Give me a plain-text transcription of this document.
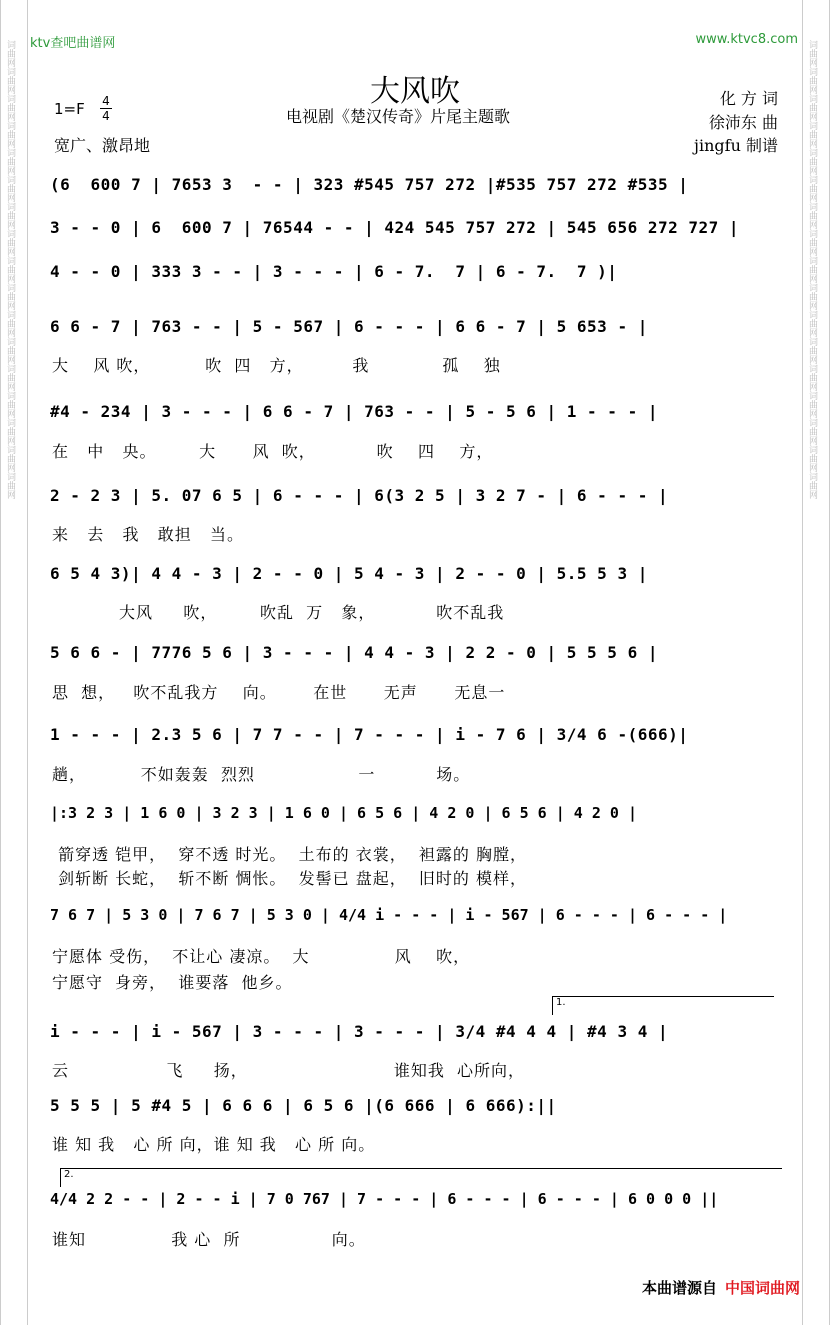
词曲网词曲网词曲网词曲网词曲网词曲网词曲网词曲网词曲网词曲网词曲网词曲网词曲网词曲网词曲网词曲网词曲网	词曲网词曲网词曲网词曲网词曲网词曲网词曲网词曲网词曲网词曲网词曲网词曲网词曲网词曲网词曲网词曲网词曲网
ktv查吧曲谱网	www.ktvc8.com
大风吹
电视剧《楚汉传奇》片尾主题歌
1=F 4
4
宽广、激昂地
化 方 词
徐沛东 曲
jingfu 制谱
(6  600 7 | 7653 3  - - | 323 #545 757 272 |#535 757 272 #535 |
3 - - 0 | 6  600 7 | 76544 - - | 424 545 757 272 | 545 656 272 727 |
4 - - 0 | 333 3 - - | 3 - - - | 6 - 7.  7 | 6 - 7.  7 )|
6 6 - 7 | 763 - - | 5 - 567 | 6 - - - | 6 6 - 7 | 5 653 - |
大    风 吹，         吹  四   方，        我            孤    独
#4 - 234 | 3 - - - | 6 6 - 7 | 763 - - | 5 - 5 6 | 1 - - - |
在   中   央。       大      风  吹，          吹    四    方，
2 - 2 3 | 5. 07 6 5 | 6 - - - | 6(3 2 5 | 3 2 7 - | 6 - - - |
来   去   我   敢担   当。
6 5 4 3)| 4 4 - 3 | 2 - - 0 | 5 4 - 3 | 2 - - 0 | 5.5 5 3 |
大风     吹，       吹乱  万   象，          吹不乱我
5 6 6 - | 7776 5 6 | 3 - - - | 4 4 - 3 | 2 2 - 0 | 5 5 5 6 |
思  想，   吹不乱我方    向。      在世      无声      无息一
1 - - - | 2.3 5 6 | 7 7 - - | 7 - - - | i - 7 6 | 3/4 6 -(666)|
趟，         不如轰轰  烈烈                 一          场。
|:3 2 3 | 1 6 0 | 3 2 3 | 1 6 0 | 6 5 6 | 4 2 0 | 6 5 6 | 4 2 0 |
箭穿透 铠甲，  穿不透 时光。  土布的 衣裳，  袒露的 胸膛，
剑斩断 长蛇，  斩不断 惆怅。  发髻已 盘起，  旧时的 模样，
7 6 7 | 5 3 0 | 7 6 7 | 5 3 0 | 4/4 i - - - | i - 567 | 6 - - - | 6 - - - |
宁愿体 受伤，  不让心 凄凉。  大              风    吹，
宁愿守  身旁，  谁要落  他乡。
1.
i - - - | i - 567 | 3 - - - | 3 - - - | 3/4 #4 4 4 | #4 3 4 |
云                飞     扬，                        谁知我  心所向，
5 5 5 | 5 #4 5 | 6 6 6 | 6 5 6 |(6 666 | 6 666):||
谁 知 我   心 所 向，谁 知 我   心 所 向。
2.
4/4 2 2 - - | 2 - - i | 7 0 767 | 7 - - - | 6 - - - | 6 - - - | 6 0 0 0 ||
谁知              我 心  所               向。
本曲谱源自 中国词曲网
